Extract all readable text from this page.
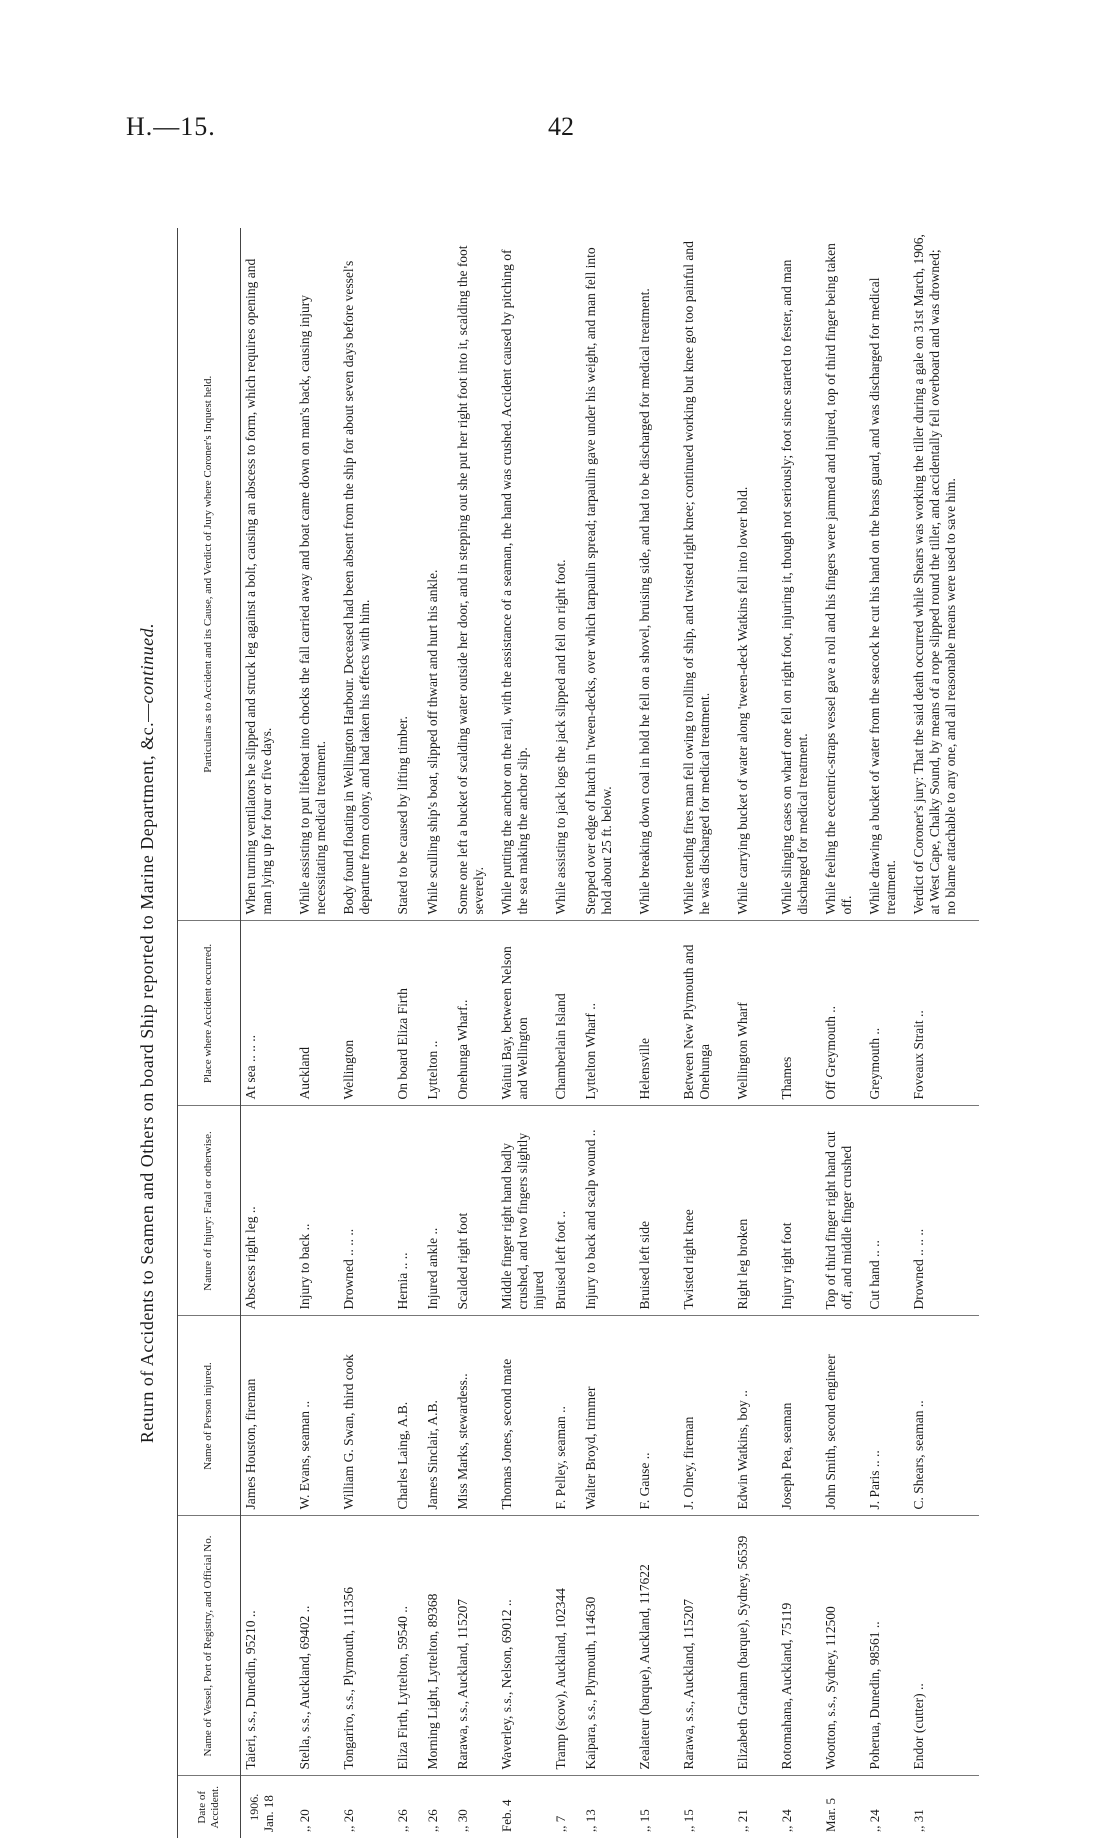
H.—15.	42
Return of Accidents to Seamen and Others on board Ship reported to Marine Department, &c.—continued.
Date of Accident.	Name of Vessel, Port of Registry, and Official No.	Name of Person injured.	Nature of Injury: Fatal or otherwise.	Place where Accident occurred.	Particulars as to Accident and its Cause, and Verdict of Jury where Coroner's Inquest held.

1906. Jan. 18	Taieri, s.s., Dunedin, 95210 ..	James Houston, fireman	Abscess right leg ..	At sea .. .. ..	When turning ventilators he slipped and struck leg against a bolt, causing an abscess to form, which requires opening and man lying up for four or five days.
,, 20	Stella, s.s., Auckland, 69402 ..	W. Evans, seaman ..	Injury to back ..	Auckland	While assisting to put lifeboat into chocks the fall carried away and boat came down on man's back, causing injury necessitating medical treatment.
,, 26	Tongariro, s.s., Plymouth, 111356	William G. Swan, third cook	Drowned .. .. ..	Wellington	Body found floating in Wellington Harbour. Deceased had been absent from the ship for about seven days before vessel's departure from colony, and had taken his effects with him.
,, 26	Eliza Firth, Lyttelton, 59540 ..	Charles Laing, A.B.	Hernia .. ..	On board Eliza Firth	Stated to be caused by lifting timber.
,, 26	Morning Light, Lyttelton, 89368	James Sinclair, A.B.	Injured ankle ..	Lyttelton ..	While sculling ship's boat, slipped off thwart and hurt his ankle.
,, 30	Rarawa, s.s., Auckland, 115207	Miss Marks, stewardess..	Scalded right foot	Onehunga Wharf..	Some one left a bucket of scalding water outside her door, and in stepping out she put her right foot into it, scalding the foot severely.
Feb. 4	Waverley, s.s., Nelson, 69012 ..	Thomas Jones, second mate	Middle finger right hand badly crushed, and two fingers slightly injured	Waitui Bay, between Nelson and Wellington	While putting the anchor on the rail, with the assistance of a seaman, the hand was crushed. Accident caused by pitching of the sea making the anchor slip.
,, 7	Tramp (scow), Auckland, 102344	F. Pelley, seaman ..	Bruised left foot ..	Chamberlain Island	While assisting to jack logs the jack slipped and fell on right foot.
,, 13	Kaipara, s.s., Plymouth, 114630	Walter Broyd, trimmer	Injury to back and scalp wound ..	Lyttelton Wharf ..	Stepped over edge of hatch in 'tween-decks, over which tarpaulin spread; tarpaulin gave under his weight, and man fell into hold about 25 ft. below.
,, 15	Zealateur (barque), Auckland, 117622	F. Gause ..	Bruised left side	Helensville	While breaking down coal in hold he fell on a shovel, bruising side, and had to be discharged for medical treatment.
,, 15	Rarawa, s.s., Auckland, 115207	J. Olney, fireman	Twisted right knee	Between New Plymouth and Onehunga	While tending fires man fell owing to rolling of ship, and twisted right knee; continued working but knee got too painful and he was discharged for medical treatment.
,, 21	Elizabeth Graham (barque), Sydney, 56539	Edwin Watkins, boy ..	Right leg broken	Wellington Wharf	While carrying bucket of water along 'tween-deck Watkins fell into lower hold.
,, 24	Rotomahana, Auckland, 75119	Joseph Pea, seaman	Injury right foot	Thames	While slinging cases on wharf one fell on right foot, injuring it, though not seriously; foot since started to fester, and man discharged for medical treatment.
Mar. 5	Wootton, s.s., Sydney, 112500	John Smith, second engineer	Top of third finger right hand cut off, and middle finger crushed	Off Greymouth ..	While feeling the eccentric-straps vessel gave a roll and his fingers were jammed and injured, top of third finger being taken off.
,, 24	Poherua, Dunedin, 98561 ..	J. Paris .. ..	Cut hand .. ..	Greymouth ..	While drawing a bucket of water from the seacock he cut his hand on the brass guard, and was discharged for medical treatment.
,, 31	Endor (cutter) ..	C. Shears, seaman ..	Drowned .. .. ..	Foveaux Strait ..	Verdict of Coroner's jury: That the said death occurred while Shears was working the tiller during a gale on 31st March, 1906, at West Cape, Chalky Sound, by means of a rope slipped round the tiller, and accidentally fell overboard and was drowned; no blame attachable to any one, and all reasonable means were used to save him.
